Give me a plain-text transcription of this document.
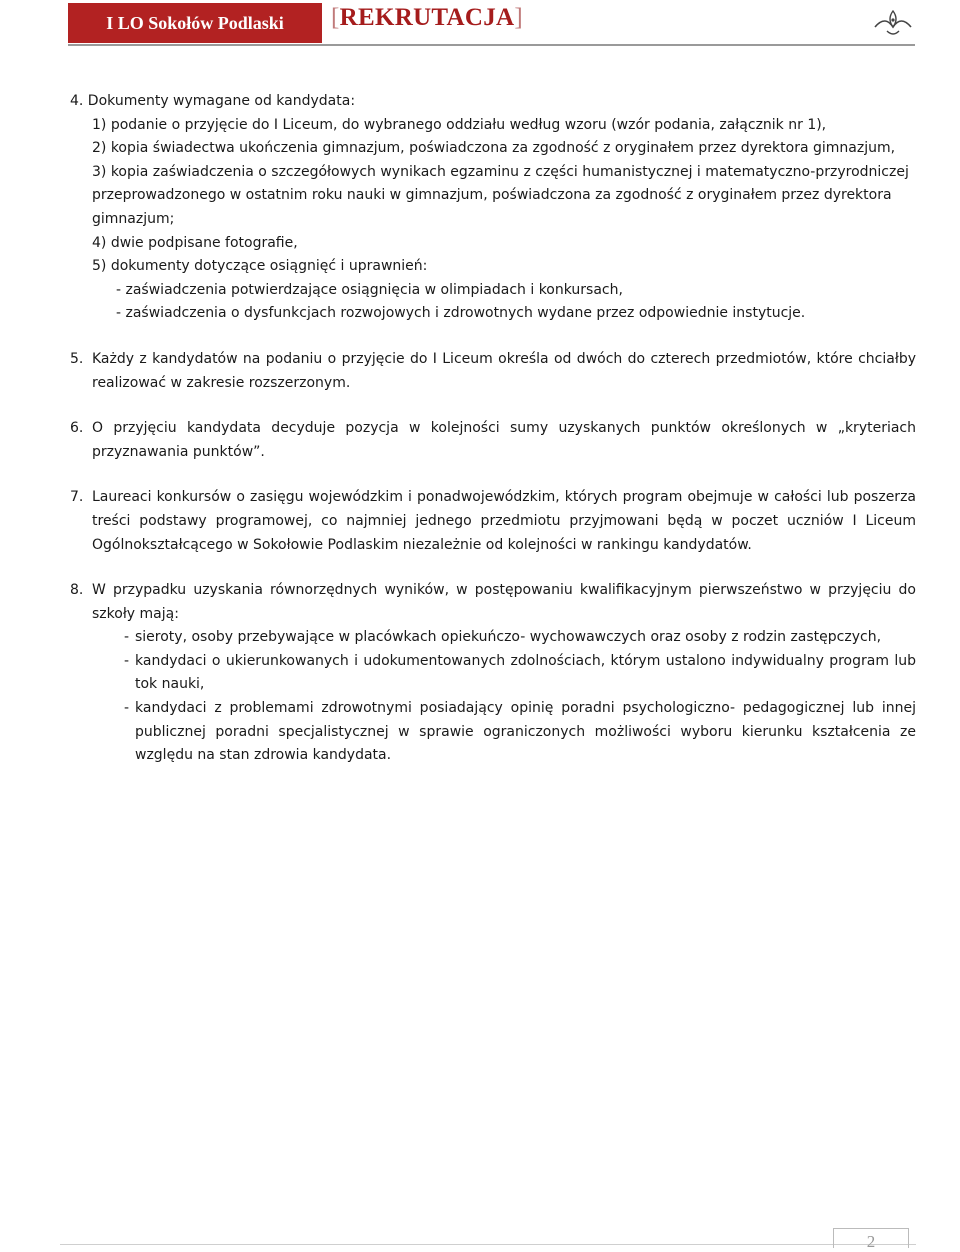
I LO Sokołów Podlaski [REKRUTACJA]
4. Dokumenty wymagane od kandydata:
1) podanie o przyjęcie do I Liceum, do wybranego oddziału według wzoru (wzór podania, załącznik nr 1),
2) kopia świadectwa ukończenia gimnazjum, poświadczona za zgodność z oryginałem przez dyrektora gimnazjum,
3) kopia zaświadczenia o szczegółowych wynikach egzaminu z części humanistycznej i matematyczno-przyrodniczej przeprowadzonego w ostatnim roku nauki w gimnazjum, poświadczona za zgodność z oryginałem przez dyrektora gimnazjum;
4) dwie podpisane fotografie,
5) dokumenty dotyczące osiągnięć i uprawnień:
- zaświadczenia potwierdzające osiągnięcia w olimpiadach i konkursach,
- zaświadczenia o dysfunkcjach rozwojowych i zdrowotnych wydane przez odpowiednie instytucje.
5. Każdy z kandydatów na podaniu o przyjęcie do I Liceum określa od dwóch do czterech przedmiotów, które chciałby realizować w zakresie rozszerzonym.
6. O przyjęciu kandydata decyduje pozycja w kolejności sumy uzyskanych punktów określonych w „kryteriach przyznawania punktów”.
7. Laureaci konkursów o zasięgu wojewódzkim i ponadwojewódzkim, których program obejmuje w całości lub poszerza treści podstawy programowej, co najmniej jednego przedmiotu przyjmowani będą w poczet uczniów I Liceum Ogólnokształcącego w Sokołowie Podlaskim niezależnie od kolejności w rankingu kandydatów.
8. W przypadku uzyskania równorzędnych wyników, w postępowaniu kwalifikacyjnym pierwszeństwo w przyjęciu do szkoły mają:
- sieroty, osoby przebywające w placówkach opiekuńczo- wychowawczych oraz osoby z rodzin zastępczych,
- kandydaci o ukierunkowanych i udokumentowanych zdolnościach, którym ustalono indywidualny program lub tok nauki,
- kandydaci z problemami zdrowotnymi posiadający opinię poradni psychologiczno- pedagogicznej lub innej publicznej poradni specjalistycznej w sprawie ograniczonych możliwości wyboru kierunku kształcenia ze względu na stan zdrowia kandydata.
2
